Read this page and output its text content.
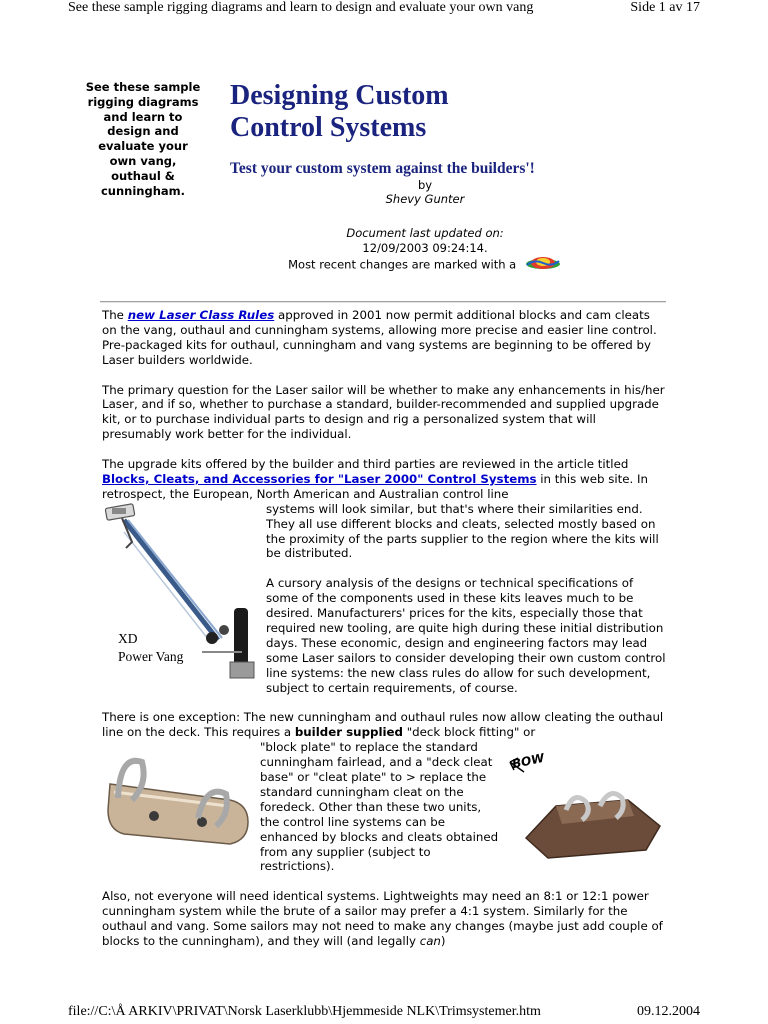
See these sample rigging diagrams and learn to design and evaluate your own vang	Side 1 av 17
See these sample rigging diagrams and learn to design and evaluate your own vang, outhaul & cunningham.
Designing Custom
Control Systems
Test your custom system against the builders'!
by
Shevy Gunter
Document last updated on:
12/09/2003 09:24:14.
Most recent changes are marked with a

The new Laser Class Rules approved in 2001 now permit additional blocks and cam cleats on the vang, outhaul and cunningham systems, allowing more precise and easier line control. Pre-packaged kits for outhaul, cunningham and vang systems are beginning to be offered by Laser builders worldwide.

The primary question for the Laser sailor will be whether to make any enhancements in his/her Laser, and if so, whether to purchase a standard, builder-recommended and supplied upgrade kit, or to purchase individual parts to design and rig a personalized system that will presumably work better for the individual.

The upgrade kits offered by the builder and third parties are reviewed in the article titled Blocks, Cleats, and Accessories for "Laser 2000" Control Systems in this web site. In retrospect, the European, North American and Australian control line

XD
Power Vang

systems will look similar, but that's where their similarities end. They all use different blocks and cleats, selected mostly based on the proximity of the parts supplier to the region where the kits will be distributed.

A cursory analysis of the designs or technical specifications of some of the components used in these kits leaves much to be desired. Manufacturers' prices for the kits, especially those that required new tooling, are quite high during these initial distribution days. These economic, design and engineering factors may lead some Laser sailors to consider developing their own custom control line systems: the new class rules do allow for such development, subject to certain requirements, of course.

There is one exception: The new cunningham and outhaul rules now allow cleating the outhaul line on the deck. This requires a builder supplied "deck block fitting" or

BOW

"block plate" to replace the standard cunningham fairlead, and a "deck cleat base" or "cleat plate" to > replace the standard cunningham cleat on the foredeck. Other than these two units, the control line systems can be enhanced by blocks and cleats obtained from any supplier (subject to restrictions).

Also, not everyone will need identical systems. Lightweights may need an 8:1 or 12:1 power cunningham system while the brute of a sailor may prefer a 4:1 system. Similarly for the outhaul and vang. Some sailors may not need to make any changes (maybe just add couple of blocks to the cunningham), and they will (and legally can)

file://C:\Å ARKIV\PRIVAT\Norsk Laserklubb\Hjemmeside NLK\Trimsystemer.htm	09.12.2004
